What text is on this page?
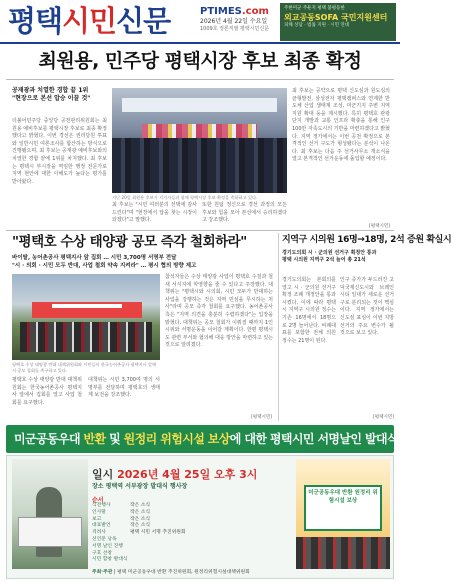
평택시민신문	PTIMES.com
2026년 4월 22일 수요일
1009호 정론직필 평택시민신문
주한미군 주둔지 평택 불평등한
외교공동SOFA 국민지원센터
피해 상담 · 법률 지원 · 시민 연대
최원용, 민주당 평택시장 후보 최종 확정
공재광과 치열한 경합 끝 1위
"현장으로 본선 압승 이끌 것"
더불어민주당 중앙당 공천관리위원회는 최원용 예비후보를 평택시장 후보로 최종 확정했다고 밝혔다. 이번 경선은 권리당원 투표와 일반시민 여론조사를 합산하는 방식으로 진행됐으며, 최 후보는 공재광 예비후보와의 치열한 경합 끝에 1위를 차지했다. 최 후보는 평택시 부시장을 역임한 행정 전문가로 지역 현안에 대한 이해도가 높다는 평가를 받아왔다.
지난 20일 최원용 후보가 지지자들과 함께 평택시장 후보 확정을 축하하고 있다.
최 후보는 "시민 여러분의 선택에 감사드린다"며 "현장에서 답을 찾는 시장이 되겠다"고 말했다.
또한 원팀 정신으로 경선 과정의 모든 후보와 힘을 모아 본선에서 승리하겠다고 강조했다.
최 후보는 공약으로 평택 신도심과 원도심의 균형발전, 삼성전자 평택캠퍼스와 연계한 반도체 산업 생태계 조성, 미군기지 주변 지역 지원 확대 등을 제시했다. 특히 평택호 관광단지 개발과 교통 인프라 확충을 통해 인구 100만 자족도시의 기반을 마련하겠다고 밝혔다. 지역 정가에서는 이번 공천 확정으로 본격적인 선거 구도가 형성됐다는 분석이 나온다. 최 후보는 다음 주 선거사무소 개소식을 열고 본격적인 선거운동에 돌입할 예정이다.
[평택시민]
"평택호 수상 태양광 공모 즉각 철회하라"
바이탈, 농어촌공사 평택지사 앞 집회 … 시민 3,700명 서명부 전달
"시 · 의회 · 시민 모두 반대, 사업 철회 약속 지켜라" … 평시 협의 방향 제고
평택호 수상 태양광 반대 대책위원회와 시민들이 한국농어촌공사 평택지사 앞에서 공모 철회를 촉구하고 있다.
평택호 수상 태양광 반대 대책위원회는 한국농어촌공사 평택지사 앞에서 집회를 열고 사업 철회를 요구했다.
대책위는 시민 3,700여 명의 서명부를 전달하며 평택호의 생태계 보전을 강조했다.
참석자들은 수상 태양광 사업이 평택호 수질과 철새 서식지에 악영향을 줄 수 있다고 주장했다. 대책위는 "평택시와 시의회, 시민 모두가 반대하는 사업을 강행하는 것은 지역 민심을 무시하는 처사"라며 공모 즉각 철회를 요구했다. 농어촌공사 측은 "지역 의견을 충분히 수렴하겠다"는 입장을 밝혔다. 대책위는 공모 철회가 이뤄질 때까지 1인 시위와 서명운동을 이어갈 계획이다. 한편 평택시도 관련 부서와 협의해 대응 방안을 마련하고 있는 것으로 알려졌다.
[평택시민]
지역구 시의원 16명→18명, 2석 증원 확실시
경기도의회 시 · 군의원 선거구 획정안 통과
평택 시의원 지역구 2석 늘어 총 21석
경기도의회는 본회의를 열고 시 · 군의원 선거구 획정 조례 개정안을 통과시켰다. 이에 따라 평택시 지역구 시의원 정수는 기존 16명에서 18명으로 2명 늘어난다. 비례대표를 포함한 전체 의원 정수는 21명이 된다.
인구 증가가 두드러진 고덕국제신도시와 브레인시티 일대가 새로운 선거구로 분리되는 것이 핵심이다. 지역 정가에서는 신도심 표심이 이번 지방선거의 주요 변수가 될 것으로 보고 있다.
[평택시민]
미군공동우대 반환 및 원정리 위험시설 보상에 대한 평택시민 서명날인 발대식
일시 2026년 4월 25일 오후 3시
장소 평택역 서부광장 발대식 행사장
순서
식전행사	작은 소식
인사말	작은 소식
보고	작은 소식
대표발언	작은 소식
격려사	평택 시민 서명 추진위원회
선언문 낭독
서명 날인 진행
구호 선창
시민 합창 발대식
미군공동우대 반환 원정리 위험시설 보상
주최·주관 | 평택 미군공동우대 반환 추진위원회, 원정리위험시설대책위원회
